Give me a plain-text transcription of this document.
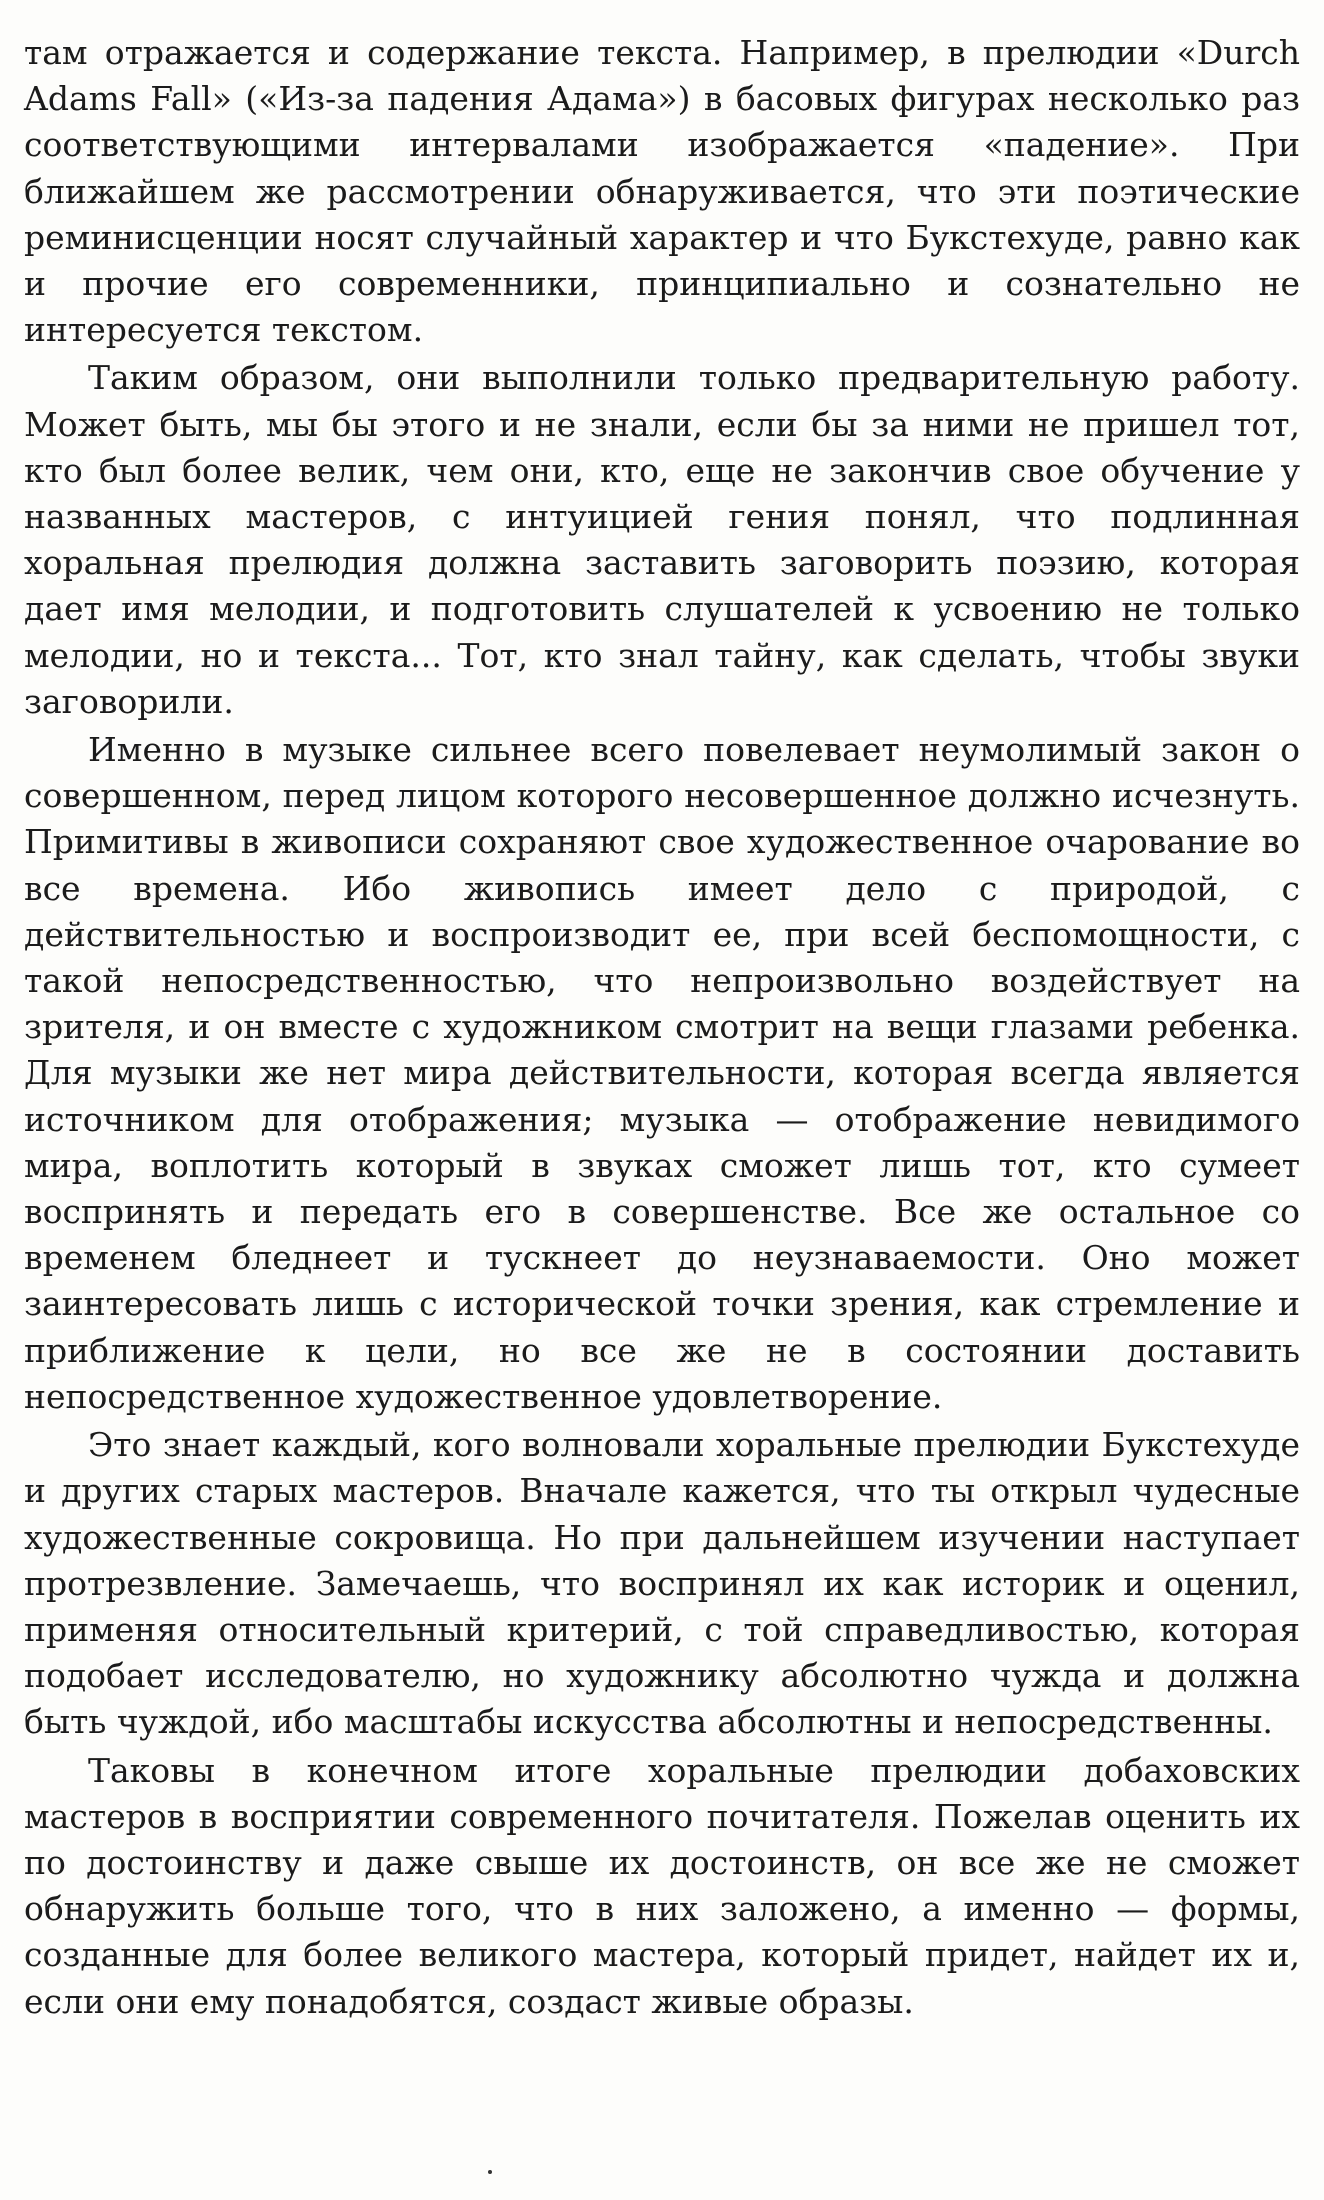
там отражается и содержание текста. Например, в прелюдии «Durch Adams Fall» («Из-за падения Адама») в басовых фигурах несколько раз соответствующими интервалами изображается «падение». При ближайшем же рассмотрении обнаруживается, что эти поэтические реминисценции носят случайный характер и что Букстехуде, равно как и прочие его современники, принципиально и сознательно не интересуется текстом.

Таким образом, они выполнили только предварительную работу. Может быть, мы бы этого и не знали, если бы за ними не пришел тот, кто был более велик, чем они, кто, еще не закончив свое обучение у названных мастеров, с интуицией гения понял, что подлинная хоральная прелюдия должна заставить заговорить поэзию, которая дает имя мелодии, и подготовить слушателей к усвоению не только мелодии, но и текста... Тот, кто знал тайну, как сделать, чтобы звуки заговорили.

Именно в музыке сильнее всего повелевает неумолимый закон о совершенном, перед лицом которого несовершенное должно исчезнуть. Примитивы в живописи сохраняют свое художественное очарование во все времена. Ибо живопись имеет дело с природой, с действительностью и воспроизводит ее, при всей беспомощности, с такой непосредственностью, что непроизвольно воздействует на зрителя, и он вместе с художником смотрит на вещи глазами ребенка. Для музыки же нет мира действительности, которая всегда является источником для отображения; музыка — отображение невидимого мира, воплотить который в звуках сможет лишь тот, кто сумеет воспринять и передать его в совершенстве. Все же остальное со временем бледнеет и тускнеет до неузнаваемости. Оно может заинтересовать лишь с исторической точки зрения, как стремление и приближение к цели, но все же не в состоянии доставить непосредственное художественное удовлетворение.

Это знает каждый, кого волновали хоральные прелюдии Букстехуде и других старых мастеров. Вначале кажется, что ты открыл чудесные художественные сокровища. Но при дальнейшем изучении наступает протрезвление. Замечаешь, что воспринял их как историк и оценил, применяя относительный критерий, с той справедливостью, которая подобает исследователю, но художнику абсолютно чужда и должна быть чуждой, ибо масштабы искусства абсолютны и непосредственны.

Таковы в конечном итоге хоральные прелюдии добаховских мастеров в восприятии современного почитателя. Пожелав оценить их по достоинству и даже свыше их достоинств, он все же не сможет обнаружить больше того, что в них заложено, а именно — формы, созданные для более великого мастера, который придет, найдет их и, если они ему понадобятся, создаст живые образы.
